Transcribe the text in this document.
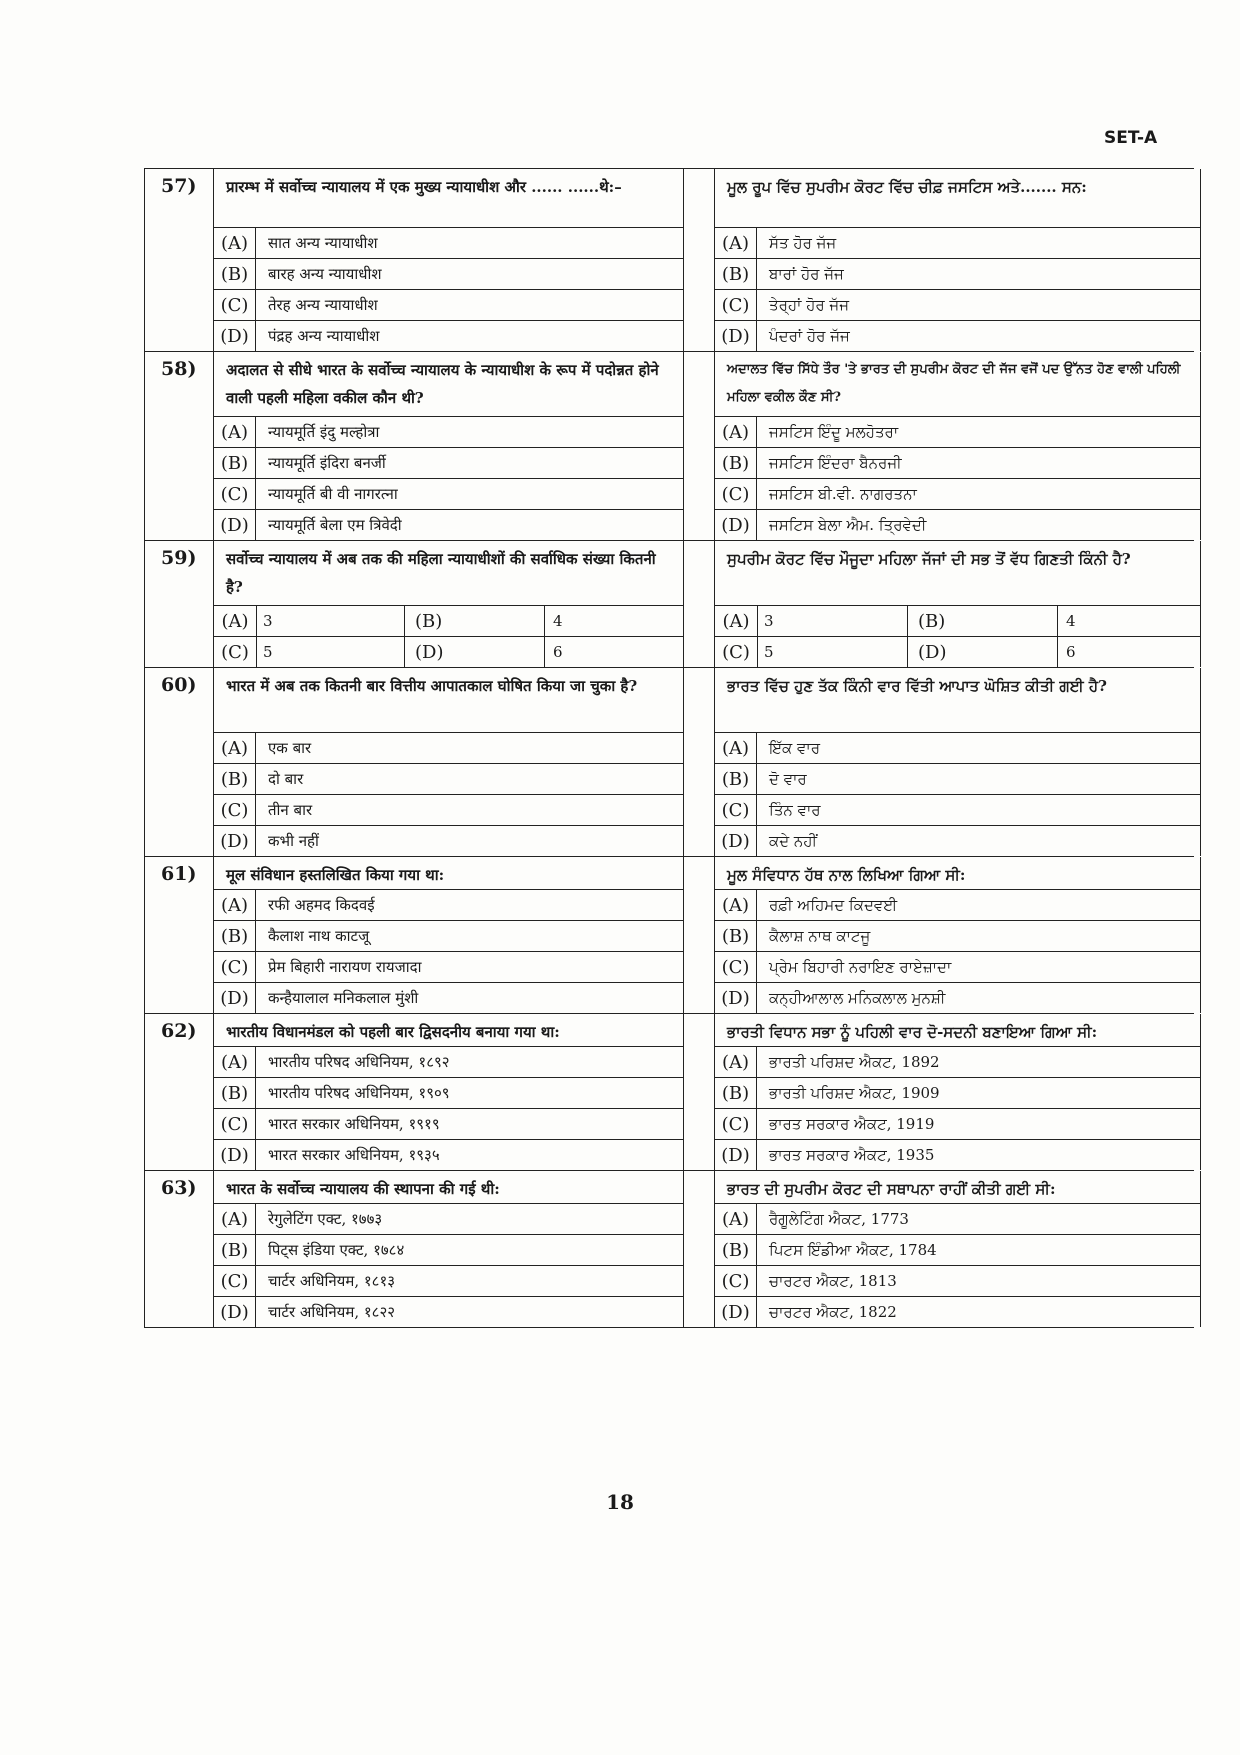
SET-A
57)	प्रारम्भ में सर्वोच्च न्यायालय में एक मुख्य न्यायाधीश और ...... ......थे:–
(A)	सात अन्य न्यायाधीश
(B)	बारह अन्य न्यायाधीश
(C)	तेरह अन्य न्यायाधीश
(D)	पंद्रह अन्य न्यायाधीश
ਮੂਲ ਰੂਪ ਵਿੱਚ ਸੁਪਰੀਮ ਕੋਰਟ ਵਿੱਚ ਚੀਫ਼ ਜਸਟਿਸ ਅਤੇ....... ਸਨ:
(A)	ਸੱਤ ਹੋਰ ਜੱਜ
(B)	ਬਾਰਾਂ ਹੋਰ ਜੱਜ
(C)	ਤੇਰ੍ਹਾਂ ਹੋਰ ਜੱਜ
(D)	ਪੰਦਰਾਂ ਹੋਰ ਜੱਜ
58)	अदालत से सीधे भारत के सर्वोच्च न्यायालय के न्यायाधीश के रूप में पदोन्नत होने वाली पहली महिला वकील कौन थी?
(A)	न्यायमूर्ति इंदु मल्होत्रा
(B)	न्यायमूर्ति इंदिरा बनर्जी
(C)	न्यायमूर्ति बी वी नागरत्ना
(D)	न्यायमूर्ति बेला एम त्रिवेदी
ਅਦਾਲਤ ਵਿੱਚ ਸਿੱਧੇ ਤੌਰ 'ਤੇ ਭਾਰਤ ਦੀ ਸੁਪਰੀਮ ਕੋਰਟ ਦੀ ਜੱਜ ਵਜੋਂ ਪਦ ਉੱਨਤ ਹੋਣ ਵਾਲੀ ਪਹਿਲੀ ਮਹਿਲਾ ਵਕੀਲ ਕੌਣ ਸੀ?
(A)	ਜਸਟਿਸ ਇੰਦੂ ਮਲਹੋਤਰਾ
(B)	ਜਸਟਿਸ ਇੰਦਰਾ ਬੈਨਰਜੀ
(C)	ਜਸਟਿਸ ਬੀ.ਵੀ. ਨਾਗਰਤਨਾ
(D)	ਜਸਟਿਸ ਬੇਲਾ ਐਮ. ਤ੍ਰਿਵੇਦੀ
59)	सर्वोच्च न्यायालय में अब तक की महिला न्यायाधीशों की सर्वाधिक संख्या कितनी है?
(A) 3	(B)	4
(C) 5	(D)	6
ਸੁਪਰੀਮ ਕੋਰਟ ਵਿੱਚ ਮੌਜੂਦਾ ਮਹਿਲਾ ਜੱਜਾਂ ਦੀ ਸਭ ਤੋਂ ਵੱਧ ਗਿਣਤੀ ਕਿੰਨੀ ਹੈ?
(A) 3	(B)	4
(C) 5	(D)	6
60)	भारत में अब तक कितनी बार वित्तीय आपातकाल घोषित किया जा चुका है?
(A)	एक बार
(B)	दो बार
(C)	तीन बार
(D)	कभी नहीं
ਭਾਰਤ ਵਿੱਚ ਹੁਣ ਤੱਕ ਕਿੰਨੀ ਵਾਰ ਵਿੱਤੀ ਆਪਾਤ ਘੋਸ਼ਿਤ ਕੀਤੀ ਗਈ ਹੈ?
(A)	ਇੱਕ ਵਾਰ
(B)	ਦੋ ਵਾਰ
(C)	ਤਿੰਨ ਵਾਰ
(D)	ਕਦੇ ਨਹੀਂ
61)	मूल संविधान हस्तलिखित किया गया था:
(A)	रफी अहमद किदवई
(B)	कैलाश नाथ काटजू
(C)	प्रेम बिहारी नारायण रायजादा
(D)	कन्हैयालाल मनिकलाल मुंशी
ਮੂਲ ਸੰਵਿਧਾਨ ਹੱਥ ਨਾਲ ਲਿਖਿਆ ਗਿਆ ਸੀ:
(A)	ਰਫ਼ੀ ਅਹਿਮਦ ਕਿਦਵਈ
(B)	ਕੈਲਾਸ਼ ਨਾਥ ਕਾਟਜੂ
(C)	ਪ੍ਰੇਮ ਬਿਹਾਰੀ ਨਰਾਇਣ ਰਾਏਜ਼ਾਦਾ
(D)	ਕਨ੍ਹੀਆਲਾਲ ਮਨਿਕਲਾਲ ਮੁਨਸ਼ੀ
62)	भारतीय विधानमंडल को पहली बार द्विसदनीय बनाया गया था:
(A)	भारतीय परिषद अधिनियम, १८९२
(B)	भारतीय परिषद अधिनियम, १९०९
(C)	भारत सरकार अधिनियम, १९१९
(D)	भारत सरकार अधिनियम, १९३५
ਭਾਰਤੀ ਵਿਧਾਨ ਸਭਾ ਨੂੰ ਪਹਿਲੀ ਵਾਰ ਦੋ-ਸਦਨੀ ਬਣਾਇਆ ਗਿਆ ਸੀ:
(A)	ਭਾਰਤੀ ਪਰਿਸ਼ਦ ਐਕਟ, 1892
(B)	ਭਾਰਤੀ ਪਰਿਸ਼ਦ ਐਕਟ, 1909
(C)	ਭਾਰਤ ਸਰਕਾਰ ਐਕਟ, 1919
(D)	ਭਾਰਤ ਸਰਕਾਰ ਐਕਟ, 1935
63)	भारत के सर्वोच्च न्यायालय की स्थापना की गई थी:
(A)	रेगुलेटिंग एक्ट, १७७३
(B)	पिट्स इंडिया एक्ट, १७८४
(C)	चार्टर अधिनियम, १८१३
(D)	चार्टर अधिनियम, १८२२
ਭਾਰਤ ਦੀ ਸੁਪਰੀਮ ਕੋਰਟ ਦੀ ਸਥਾਪਨਾ ਰਾਹੀਂ ਕੀਤੀ ਗਈ ਸੀ:
(A)	ਰੈਗੂਲੇਟਿੰਗ ਐਕਟ, 1773
(B)	ਪਿਟਸ ਇੰਡੀਆ ਐਕਟ, 1784
(C)	ਚਾਰਟਰ ਐਕਟ, 1813
(D)	ਚਾਰਟਰ ਐਕਟ, 1822
18
